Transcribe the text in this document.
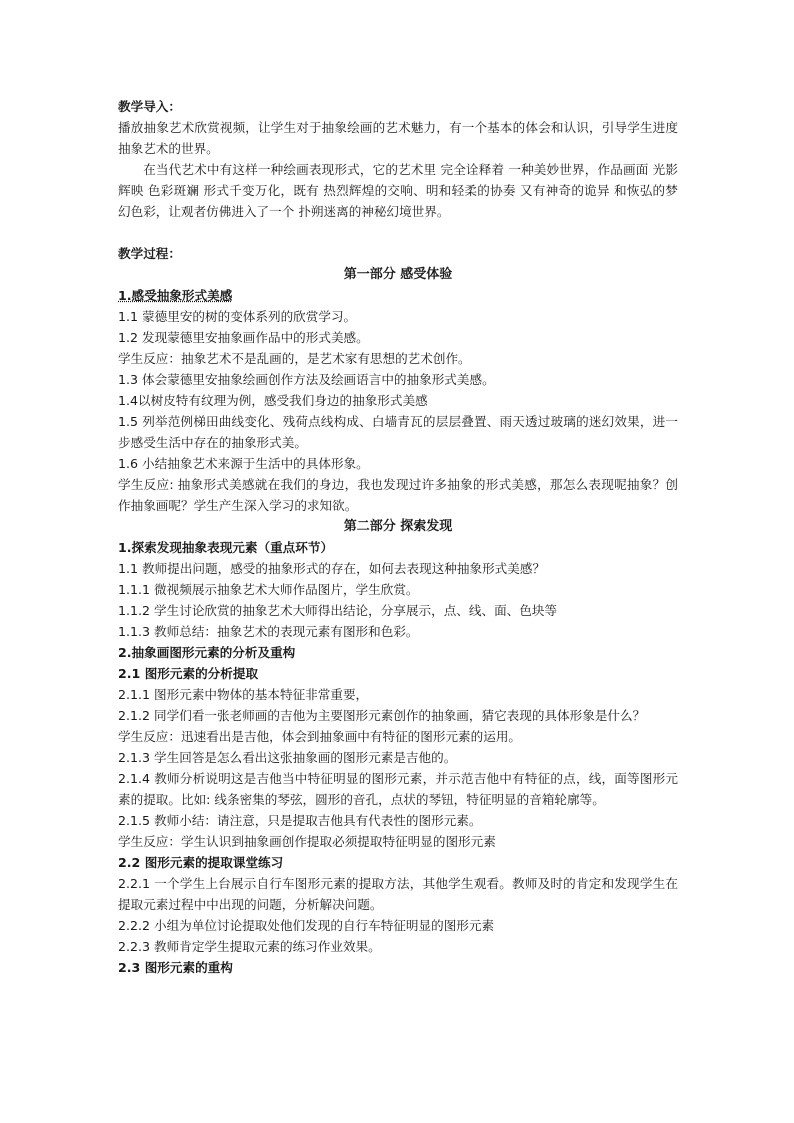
教学导入：

播放抽象艺术欣赏视频，让学生对于抽象绘画的艺术魅力，有一个基本的体会和认识，引导学生进度抽象艺术的世界。

在当代艺术中有这样一种绘画表现形式，它的艺术里 完全诠释着 一种美妙世界，作品画面 光影辉映 色彩斑斓 形式千变万化，既有 热烈辉煌的交响、明和轻柔的协奏 又有神奇的诡异 和恢弘的梦幻色彩，让观者仿佛进入了一个 扑朔迷离的神秘幻境世界。

教学过程：

第一部分 感受体验

1.感受抽象形式美感

1.1 蒙德里安的树的变体系列的欣赏学习。

1.2 发现蒙德里安抽象画作品中的形式美感。

学生反应：抽象艺术不是乱画的，是艺术家有思想的艺术创作。

1.3 体会蒙德里安抽象绘画创作方法及绘画语言中的抽象形式美感。

1.4以树皮特有纹理为例，感受我们身边的抽象形式美感

1.5 列举范例梯田曲线变化、残荷点线构成、白墙青瓦的层层叠置、雨天透过玻璃的迷幻效果，进一步感受生活中存在的抽象形式美。

1.6 小结抽象艺术来源于生活中的具体形象。

学生反应: 抽象形式美感就在我们的身边，我也发现过许多抽象的形式美感，那怎么表现呢抽象？创作抽象画呢？学生产生深入学习的求知欲。

第二部分 探索发现

1.探索发现抽象表现元素（重点环节）

1.1 教师提出问题，感受的抽象形式的存在，如何去表现这种抽象形式美感？

1.1.1 微视频展示抽象艺术大师作品图片，学生欣赏。

1.1.2 学生讨论欣赏的抽象艺术大师得出结论，分享展示，点、线、面、色块等

1.1.3 教师总结：抽象艺术的表现元素有图形和色彩。

2.抽象画图形元素的分析及重构

2.1 图形元素的分析提取

2.1.1 图形元素中物体的基本特征非常重要，

2.1.2 同学们看一张老师画的吉他为主要图形元素创作的抽象画，猜它表现的具体形象是什么？

学生反应：迅速看出是吉他，体会到抽象画中有特征的图形元素的运用。

2.1.3 学生回答是怎么看出这张抽象画的图形元素是吉他的。

2.1.4 教师分析说明这是吉他当中特征明显的图形元素，并示范吉他中有特征的点，线，面等图形元素的提取。比如: 线条密集的琴弦，圆形的音孔，点状的琴钮，特征明显的音箱轮廓等。

2.1.5 教师小结：请注意，只是提取吉他具有代表性的图形元素。

学生反应：学生认识到抽象画创作提取必须提取特征明显的图形元素

2.2 图形元素的提取课堂练习

2.2.1 一个学生上台展示自行车图形元素的提取方法，其他学生观看。教师及时的肯定和发现学生在提取元素过程中中出现的问题，分析解决问题。

2.2.2 小组为单位讨论提取处他们发现的自行车特征明显的图形元素

2.2.3 教师肯定学生提取元素的练习作业效果。

2.3 图形元素的重构
